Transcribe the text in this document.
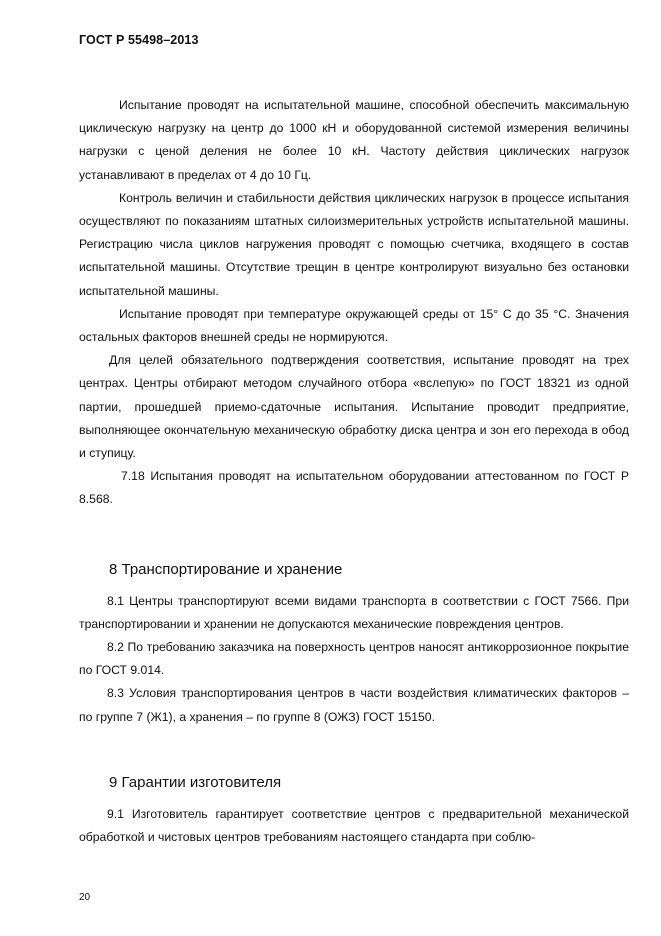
ГОСТ Р 55498–2013

Испытание проводят на испытательной машине, способной обеспечить максимальную циклическую нагрузку на центр до 1000 кН и оборудованной системой измерения величины нагрузки с ценой деления не более 10 кН. Частоту действия циклических нагрузок устанавливают в пределах от 4 до 10 Гц.

Контроль величин и стабильности действия циклических нагрузок в процессе испытания осуществляют по показаниям штатных силоизмерительных устройств испытательной машины. Регистрацию числа циклов нагружения проводят с помощью счетчика, входящего в состав испытательной машины. Отсутствие трещин в центре контролируют визуально без остановки испытательной машины.

Испытание проводят при температуре окружающей среды от 15° С до 35 °С. Значения остальных факторов внешней среды не нормируются.

Для целей обязательного подтверждения соответствия, испытание проводят на трех центрах. Центры отбирают методом случайного отбора «вслепую» по ГОСТ 18321 из одной партии, прошедшей приемо-сдаточные испытания. Испытание проводит предприятие, выполняющее окончательную механическую обработку диска центра и зон его перехода в обод и ступицу.

7.18 Испытания проводят на испытательном оборудовании аттестованном по ГОСТ Р 8.568.

8 Транспортирование и хранение

8.1 Центры транспортируют всеми видами транспорта в соответствии с ГОСТ 7566. При транспортировании и хранении не допускаются механические повреждения центров.

8.2 По требованию заказчика на поверхность центров наносят антикоррозионное покрытие по ГОСТ 9.014.

8.3 Условия транспортирования центров в части воздействия климатических факторов – по группе 7 (Ж1), а хранения – по группе 8 (ОЖЗ) ГОСТ 15150.

9 Гарантии изготовителя

9.1 Изготовитель гарантирует соответствие центров с предварительной механической обработкой и чистовых центров требованиям настоящего стандарта при соблю-

20
